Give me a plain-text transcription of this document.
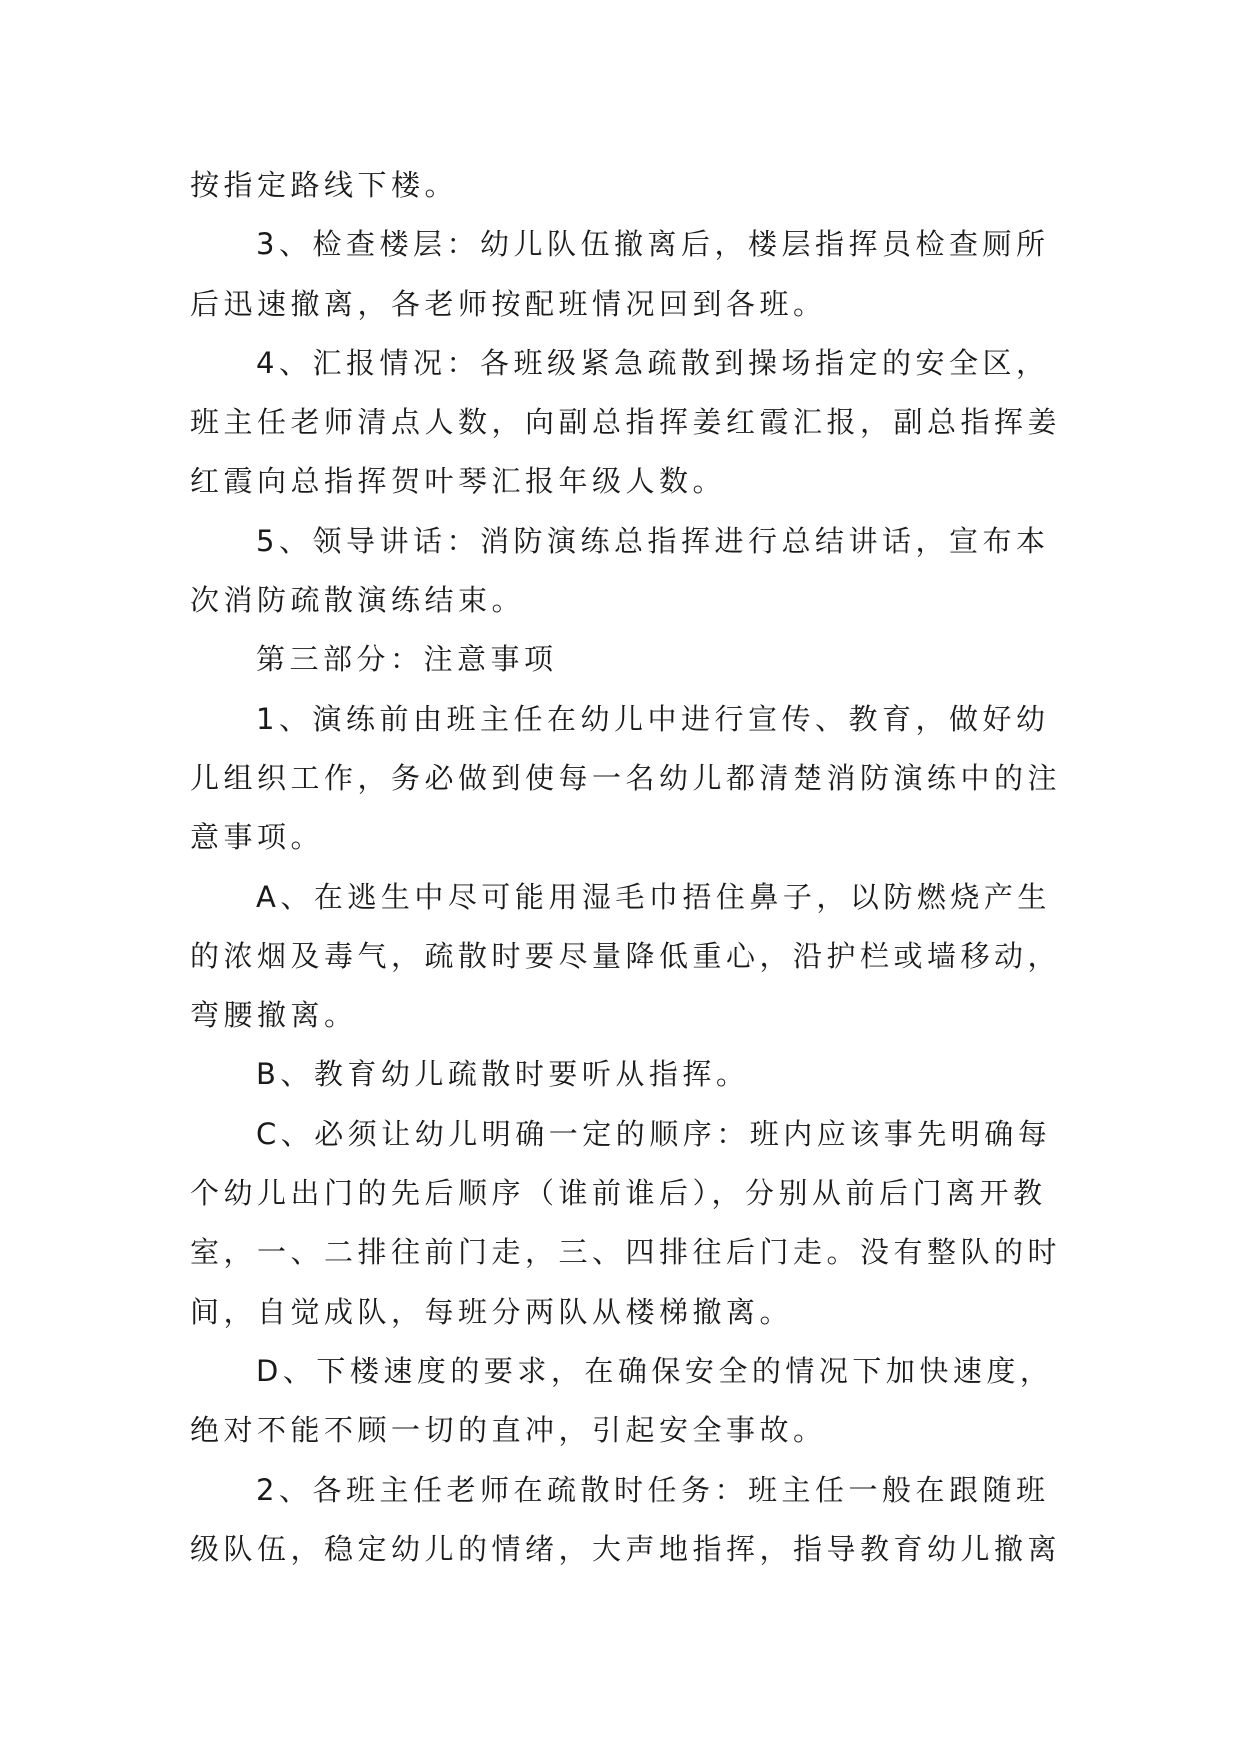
按指定路线下楼。
3、检查楼层：幼儿队伍撤离后，楼层指挥员检查厕所
后迅速撤离，各老师按配班情况回到各班。
4、汇报情况：各班级紧急疏散到操场指定的安全区，
班主任老师清点人数，向副总指挥姜红霞汇报，副总指挥姜
红霞向总指挥贺叶琴汇报年级人数。
5、领导讲话：消防演练总指挥进行总结讲话，宣布本
次消防疏散演练结束。
第三部分：注意事项
1、演练前由班主任在幼儿中进行宣传、教育，做好幼
儿组织工作，务必做到使每一名幼儿都清楚消防演练中的注
意事项。
A、在逃生中尽可能用湿毛巾捂住鼻子，以防燃烧产生
的浓烟及毒气，疏散时要尽量降低重心，沿护栏或墙移动，
弯腰撤离。
B、教育幼儿疏散时要听从指挥。
C、必须让幼儿明确一定的顺序：班内应该事先明确每
个幼儿出门的先后顺序（谁前谁后），分别从前后门离开教
室，一、二排往前门走，三、四排往后门走。没有整队的时
间，自觉成队，每班分两队从楼梯撤离。
D、下楼速度的要求，在确保安全的情况下加快速度，
绝对不能不顾一切的直冲，引起安全事故。
2、各班主任老师在疏散时任务：班主任一般在跟随班
级队伍，稳定幼儿的情绪，大声地指挥，指导教育幼儿撤离
